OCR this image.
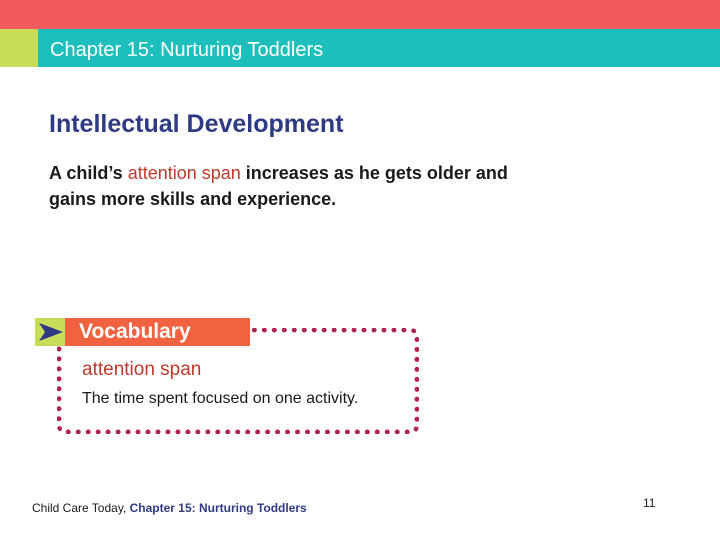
Chapter 15: Nurturing Toddlers
Intellectual Development

A child’s attention span increases as he gets older and gains more skills and experience.

Vocabulary
attention span
The time spent focused on one activity.
Child Care Today, Chapter 15: Nurturing Toddlers	11
